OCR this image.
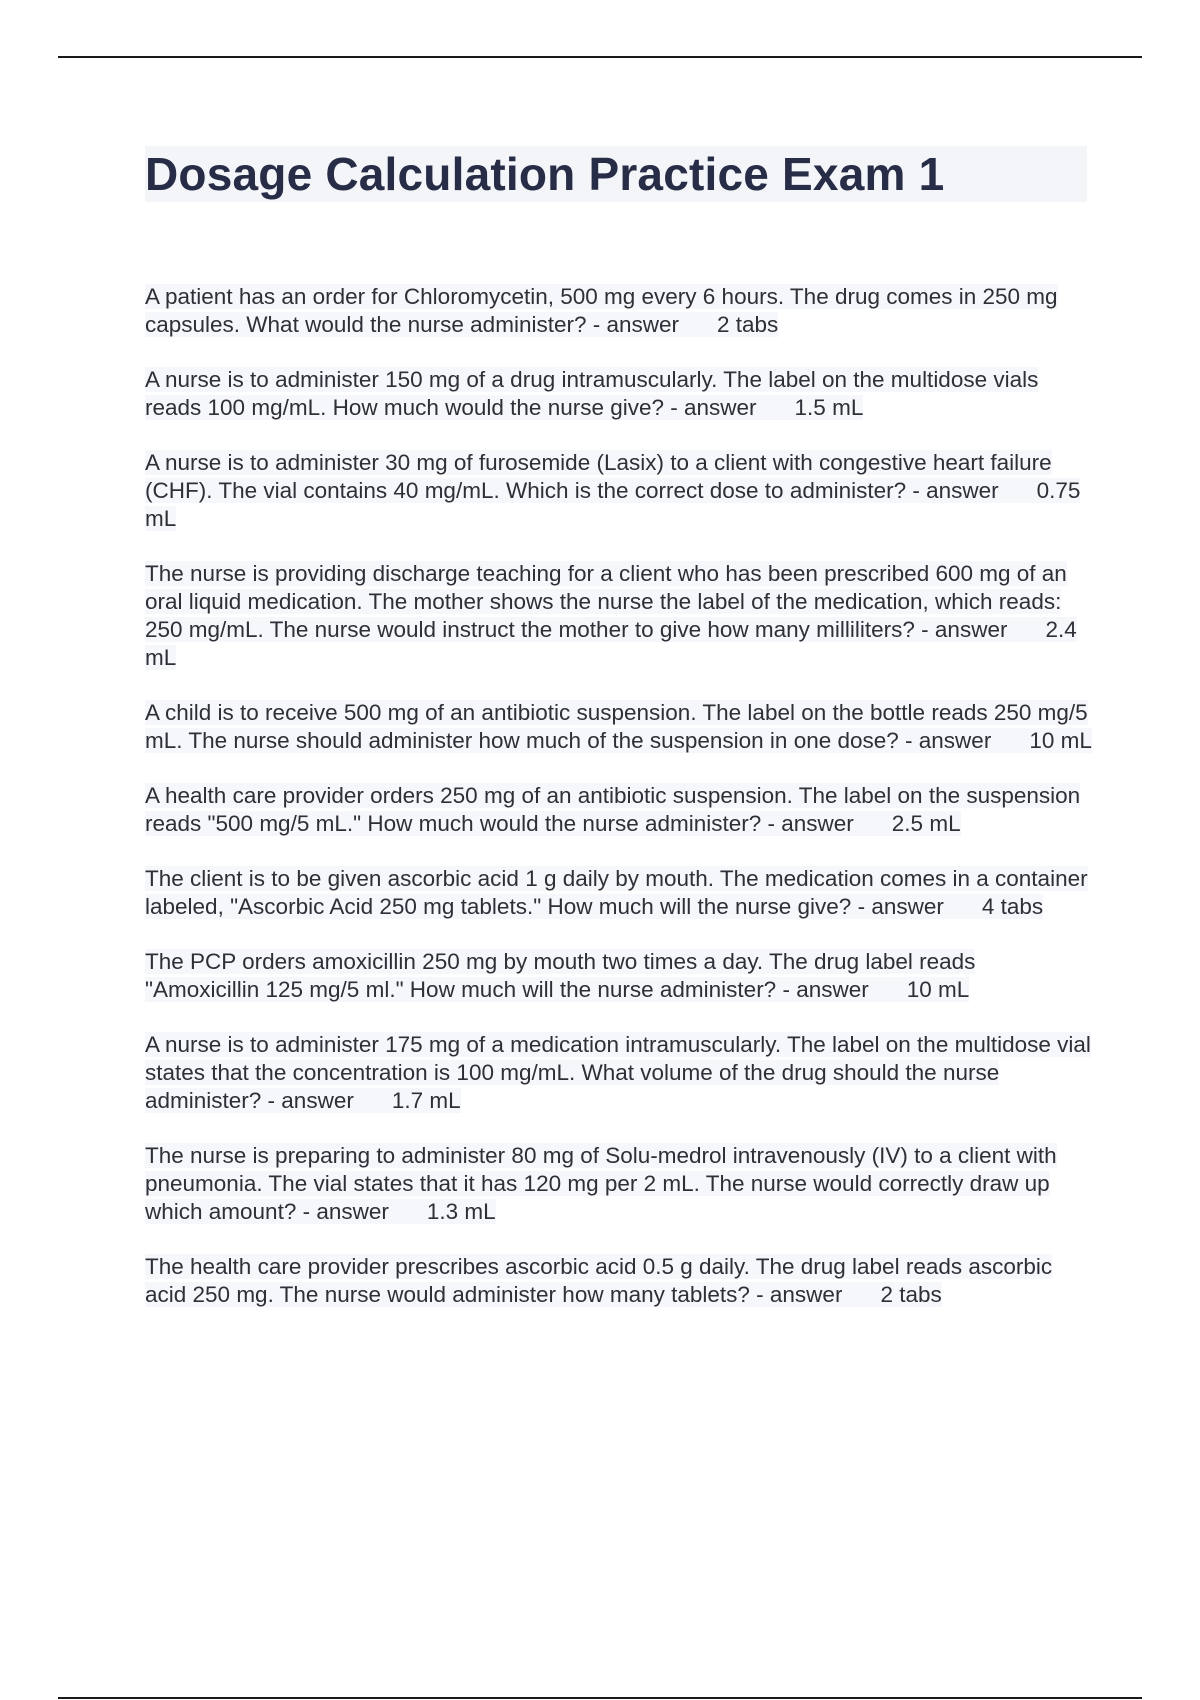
Dosage Calculation Practice Exam 1

A patient has an order for Chloromycetin, 500 mg every 6 hours. The drug comes in 250 mg capsules. What would the nurse administer? - answer 2 tabs

A nurse is to administer 150 mg of a drug intramuscularly. The label on the multidose vials reads 100 mg/mL. How much would the nurse give? - answer 1.5 mL

A nurse is to administer 30 mg of furosemide (Lasix) to a client with congestive heart failure (CHF). The vial contains 40 mg/mL. Which is the correct dose to administer? - answer 0.75 mL

The nurse is providing discharge teaching for a client who has been prescribed 600 mg of an oral liquid medication. The mother shows the nurse the label of the medication, which reads: 250 mg/mL. The nurse would instruct the mother to give how many milliliters? - answer 2.4 mL

A child is to receive 500 mg of an antibiotic suspension. The label on the bottle reads 250 mg/5 mL. The nurse should administer how much of the suspension in one dose? - answer 10 mL

A health care provider orders 250 mg of an antibiotic suspension. The label on the suspension reads "500 mg/5 mL." How much would the nurse administer? - answer 2.5 mL

The client is to be given ascorbic acid 1 g daily by mouth. The medication comes in a container labeled, "Ascorbic Acid 250 mg tablets." How much will the nurse give? - answer 4 tabs

The PCP orders amoxicillin 250 mg by mouth two times a day. The drug label reads "Amoxicillin 125 mg/5 ml." How much will the nurse administer? - answer 10 mL

A nurse is to administer 175 mg of a medication intramuscularly. The label on the multidose vial states that the concentration is 100 mg/mL. What volume of the drug should the nurse administer? - answer 1.7 mL

The nurse is preparing to administer 80 mg of Solu-medrol intravenously (IV) to a client with pneumonia. The vial states that it has 120 mg per 2 mL. The nurse would correctly draw up which amount? - answer 1.3 mL

The health care provider prescribes ascorbic acid 0.5 g daily. The drug label reads ascorbic acid 250 mg. The nurse would administer how many tablets? - answer 2 tabs
